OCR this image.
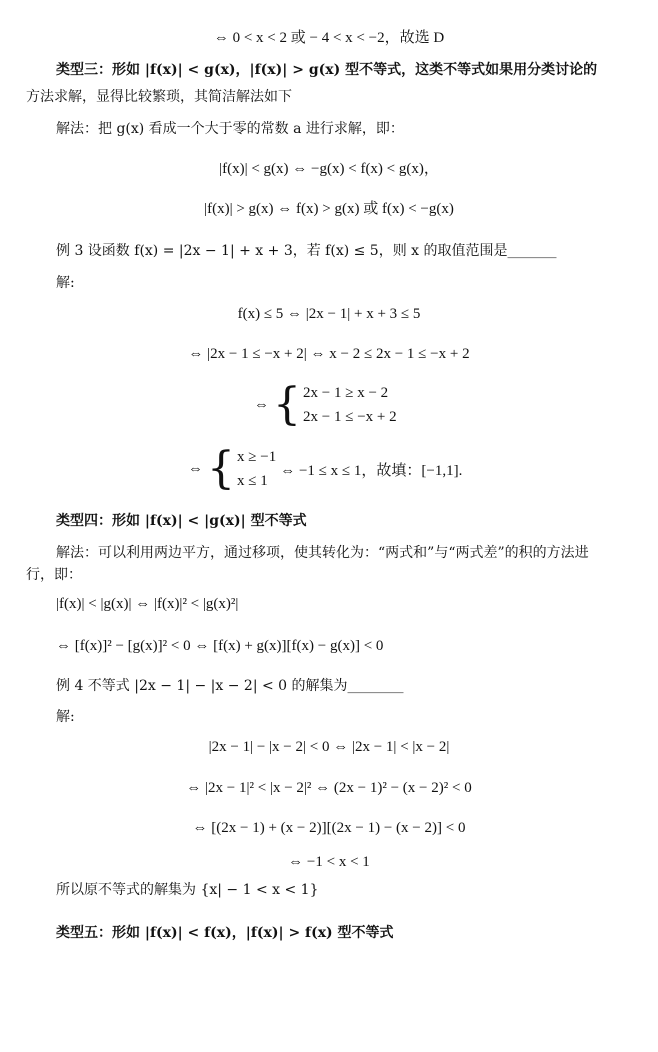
⇔ 0 < x < 2 或 − 4 < x < −2，故选 D
类型三：形如 |f(x)| < g(x)，|f(x)| > g(x) 型不等式，这类不等式如果用分类讨论的
方法求解，显得比较繁琐，其简洁解法如下
解法：把 g(x) 看成一个大于零的常数 a 进行求解，即：
|f(x)| < g(x) ⇔ −g(x) < f(x) < g(x)，
|f(x)| > g(x) ⇔ f(x) > g(x) 或 f(x) < −g(x)
例 3 设函数 f(x) = |2x − 1| + x + 3，若 f(x) ≤ 5，则 x 的取值范围是_______
解:
f(x) ≤ 5 ⇔ |2x − 1| + x + 3 ≤ 5
⇔ |2x − 1 ≤ −x + 2| ⇔ x − 2 ≤ 2x − 1 ≤ −x + 2
⇔ { 2x − 1 ≥ x − 2
2x − 1 ≤ −x + 2
⇔ { x ≥ −1
x ≤ 1
⇔ −1 ≤ x ≤ 1，故填：[−1,1].
类型四：形如 |f(x)| < |g(x)| 型不等式
解法：可以利用两边平方，通过移项，使其转化为：“两式和”与“两式差”的积的方法进
行，即：
|f(x)| < |g(x)| ⇔ |f(x)|² < |g(x)²|
⇔ [f(x)]² − [g(x)]² < 0 ⇔ [f(x) + g(x)][f(x) − g(x)] < 0
例 4 不等式 |2x − 1| − |x − 2| < 0 的解集为________
解:
|2x − 1| − |x − 2| < 0 ⇔ |2x − 1| < |x − 2|
⇔ |2x − 1|² < |x − 2|² ⇔ (2x − 1)² − (x − 2)² < 0
⇔ [(2x − 1) + (x − 2)][(2x − 1) − (x − 2)] < 0
⇔ −1 < x < 1
所以原不等式的解集为 {x| − 1 < x < 1}
类型五：形如 |f(x)| < f(x)，|f(x)| > f(x) 型不等式
